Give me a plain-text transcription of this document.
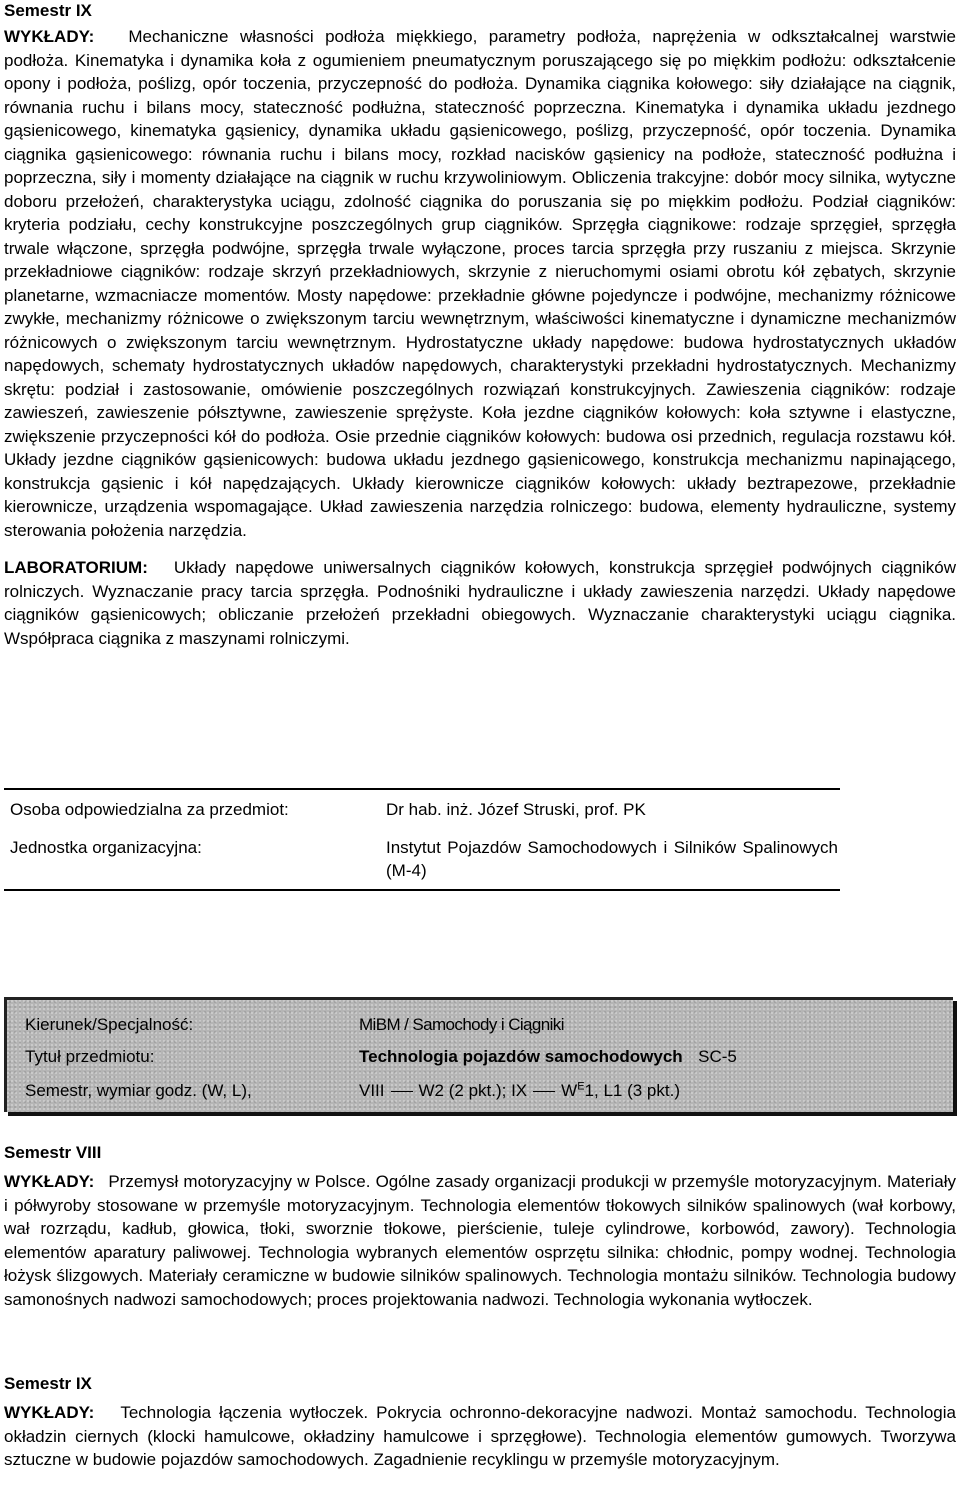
Semestr IX

WYKŁADY: Mechaniczne własności podłoża miękkiego, parametry podłoża, naprężenia w odkształcalnej warstwie podłoża. Kinematyka i dynamika koła z ogumieniem pneumatycznym poruszającego się po miękkim podłożu: odkształcenie opony i podłoża, poślizg, opór toczenia, przyczepność do podłoża. Dynamika ciągnika kołowego: siły działające na ciągnik, równania ruchu i bilans mocy, stateczność podłużna, stateczność poprzeczna. Kinematyka i dynamika układu jezdnego gąsienicowego, kinematyka gąsienicy, dynamika układu gąsienicowego, poślizg, przyczepność, opór toczenia. Dynamika ciągnika gąsienicowego: równania ruchu i bilans mocy, rozkład nacisków gąsienicy na podłoże, stateczność podłużna i poprzeczna, siły i momenty działające na ciągnik w ruchu krzywoliniowym. Obliczenia trakcyjne: dobór mocy silnika, wytyczne doboru przełożeń, charakterystyka uciągu, zdolność ciągnika do poruszania się po miękkim podłożu. Podział ciągników: kryteria podziału, cechy konstrukcyjne poszczególnych grup ciągników. Sprzęgła ciągnikowe: rodzaje sprzęgieł, sprzęgła trwale włączone, sprzęgła podwójne, sprzęgła trwale wyłączone, proces tarcia sprzęgła przy ruszaniu z miejsca. Skrzynie przekładniowe ciągników: rodzaje skrzyń przekładniowych, skrzynie z nieruchomymi osiami obrotu kół zębatych, skrzynie planetarne, wzmacniacze momentów. Mosty napędowe: przekładnie główne pojedyncze i podwójne, mechanizmy różnicowe zwykłe, mechanizmy różnicowe o zwiększonym tarciu wewnętrznym, właściwości kinematyczne i dynamiczne mechanizmów różnicowych o zwiększonym tarciu wewnętrznym. Hydrostatyczne układy napędowe: budowa hydrostatycznych układów napędowych, schematy hydrostatycznych układów napędowych, charakterystyki przekładni hydrostatycznych. Mechanizmy skrętu: podział i zastosowanie, omówienie poszczególnych rozwiązań konstrukcyjnych. Zawieszenia ciągników: rodzaje zawieszeń, zawieszenie półsztywne, zawieszenie sprężyste. Koła jezdne ciągników kołowych: koła sztywne i elastyczne, zwiększenie przyczepności kół do podłoża. Osie przednie ciągników kołowych: budowa osi przednich, regulacja rozstawu kół. Układy jezdne ciągników gąsienicowych: budowa układu jezdnego gąsienicowego, konstrukcja mechanizmu napinającego, konstrukcja gąsienic i kół napędzających. Układy kierownicze ciągników kołowych: układy beztrapezowe, przekładnie kierownicze, urządzenia wspomagające. Układ zawieszenia narzędzia rolniczego: budowa, elementy hydrauliczne, systemy sterowania położenia narzędzia.

LABORATORIUM: Układy napędowe uniwersalnych ciągników kołowych, konstrukcja sprzęgieł podwójnych ciągników rolniczych. Wyznaczanie pracy tarcia sprzęgła. Podnośniki hydrauliczne i układy zawieszenia narzędzi. Układy napędowe ciągników gąsienicowych; obliczanie przełożeń przekładni obiegowych. Wyznaczanie charakterystyki uciągu ciągnika. Współpraca ciągnika z maszynami rolniczymi.

Osoba odpowiedzialna za przedmiot:	Dr hab. inż. Józef Struski, prof. PK
Jednostka organizacyjna:	Instytut Pojazdów Samochodowych i Silników Spalinowych (M-4)
Kierunek/Specjalność:	MiBM / Samochody i Ciągniki
Tytuł przedmiotu:	Technologia pojazdów samochodowych SC-5
Semestr, wymiar godz. (W, L),	VIII W2 (2 pkt.); IX $W^E1$, L1 (3 pkt.)

Semestr VIII

WYKŁADY: Przemysł motoryzacyjny w Polsce. Ogólne zasady organizacji produkcji w przemyśle motoryzacyjnym. Materiały i półwyroby stosowane w przemyśle motoryzacyjnym. Technologia elementów tłokowych silników spalinowych (wał korbowy, wał rozrządu, kadłub, głowica, tłoki, sworznie tłokowe, pierścienie, tuleje cylindrowe, korbowód, zawory). Technologia elementów aparatury paliwowej. Technologia wybranych elementów osprzętu silnika: chłodnic, pompy wodnej. Technologia łożysk ślizgowych. Materiały ceramiczne w budowie silników spalinowych. Technologia montażu silników. Technologia budowy samonośnych nadwozi samochodowych; proces projektowania nadwozi. Technologia wykonania wytłoczek.

Semestr IX

WYKŁADY: Technologia łączenia wytłoczek. Pokrycia ochronno-dekoracyjne nadwozi. Montaż samochodu. Technologia okładzin ciernych (klocki hamulcowe, okładziny hamulcowe i sprzęgłowe). Technologia elementów gumowych. Tworzywa sztuczne w budowie pojazdów samochodowych. Zagadnienie recyklingu w przemyśle motoryzacyjnym.
